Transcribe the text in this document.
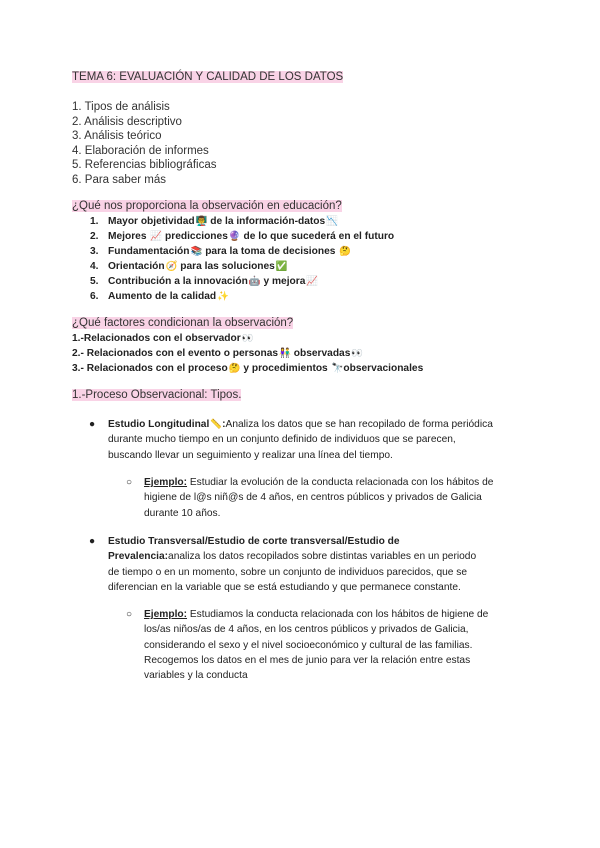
TEMA 6: EVALUACIÓN Y CALIDAD DE LOS DATOS
1. Tipos de análisis
2. Análisis descriptivo
3. Análisis teórico
4. Elaboración de informes
5. Referencias bibliográficas
6. Para saber más
¿Qué nos proporciona la observación en educación?
1. Mayor objetividad👨‍🏫 de la información-datos📉
2. Mejores 📈 predicciones🔮 de lo que sucederá en el futuro
3. Fundamentación📚 para la toma de decisiones 🤔
4. Orientación🧭 para las soluciones✅
5. Contribución a la innovación🤖 y mejora📈
6. Aumento de la calidad✨
¿Qué factores condicionan la observación?
1.-Relacionados con el observador👀
2.- Relacionados con el evento o personas👫 observadas👀
3.- Relacionados con el proceso🤔 y procedimientos 🔭observacionales
1.-Proceso Observacional: Tipos.
● Estudio Longitudinal📏:Analiza los datos que se han recopilado de forma periódica
durante mucho tiempo en un conjunto definido de individuos que se parecen,
buscando llevar un seguimiento y realizar una línea del tiempo.
○ Ejemplo: Estudiar la evolución de la conducta relacionada con los hábitos de
higiene de l@s niñ@s de 4 años, en centros públicos y privados de Galicia
durante 10 años.
● Estudio Transversal/Estudio de corte transversal/Estudio de
Prevalencia:analiza los datos recopilados sobre distintas variables en un periodo
de tiempo o en un momento, sobre un conjunto de individuos parecidos, que se
diferencian en la variable que se está estudiando y que permanece constante.
○ Ejemplo: Estudiamos la conducta relacionada con los hábitos de higiene de
los/as niños/as de 4 años, en los centros públicos y privados de Galicia,
considerando el sexo y el nivel socioeconómico y cultural de las familias.
Recogemos los datos en el mes de junio para ver la relación entre estas
variables y la conducta
